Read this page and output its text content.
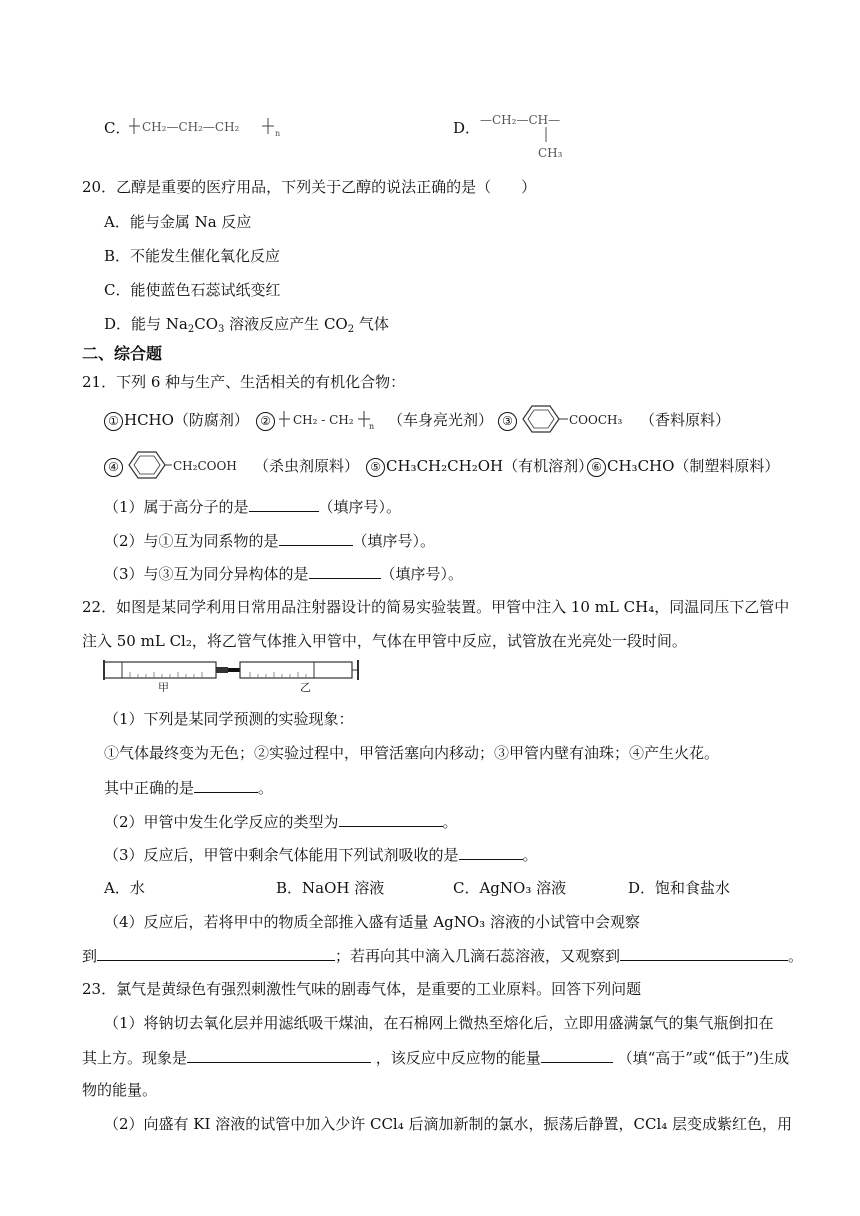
C． CH₂—CH₂—CH₂	n	D． —CH₂—CH—
CH₃
20．乙醇是重要的医疗用品，下列关于乙醇的说法正确的是（　　）
A．能与金属 Na 反应
B．不能发生催化氧化反应
C．能使蓝色石蕊试纸变红
D．能与 $Na_2CO_3$ 溶液反应产生 $CO_2$ 气体
二、综合题
21．下列 6 种与生产、生活相关的有机化合物：
① HCHO（防腐剂） ②	CH₂ - CH₂ n （车身亮光剂） ③	COOCH₃ （香料原料）
④	CH₂COOH （杀虫剂原料） ⑤ CH₃CH₂CH₂OH（有机溶剂）
⑥ CH₃CHO（制塑料原料）
（1）属于高分子的是	（填序号）。
（2）与①互为同系物的是	（填序号）。
（3）与③互为同分异构体的是	（填序号）。
22．如图是某同学利用日常用品注射器设计的简易实验装置。甲管中注入 10 mL CH₄，同温同压下乙管中
注入 50 mL Cl₂，将乙管气体推入甲管中，气体在甲管中反应，试管放在光亮处一段时间。
甲	乙
（1）下列是某同学预测的实验现象：
①气体最终变为无色；②实验过程中，甲管活塞向内移动；③甲管内壁有油珠；④产生火花。
其中正确的是	。
（2）甲管中发生化学反应的类型为	。
（3）反应后，甲管中剩余气体能用下列试剂吸收的是	。
A．水	B．NaOH 溶液	C．AgNO₃ 溶液	D．饱和食盐水
（4）反应后，若将甲中的物质全部推入盛有适量 AgNO₃ 溶液的小试管中会观察
到	；若再向其中滴入几滴石蕊溶液，又观察到	。
23．氯气是黄绿色有强烈刺激性气味的剧毒气体，是重要的工业原料。回答下列问题
（1）将钠切去氧化层并用滤纸吸干煤油，在石棉网上微热至熔化后，立即用盛满氯气的集气瓶倒扣在
其上方。现象是	，该反应中反应物的能量	（填“高于”或“低于”)生成
物的能量。
（2）向盛有 KI 溶液的试管中加入少许 CCl₄ 后滴加新制的氯水，振荡后静置，CCl₄ 层变成紫红色，用
